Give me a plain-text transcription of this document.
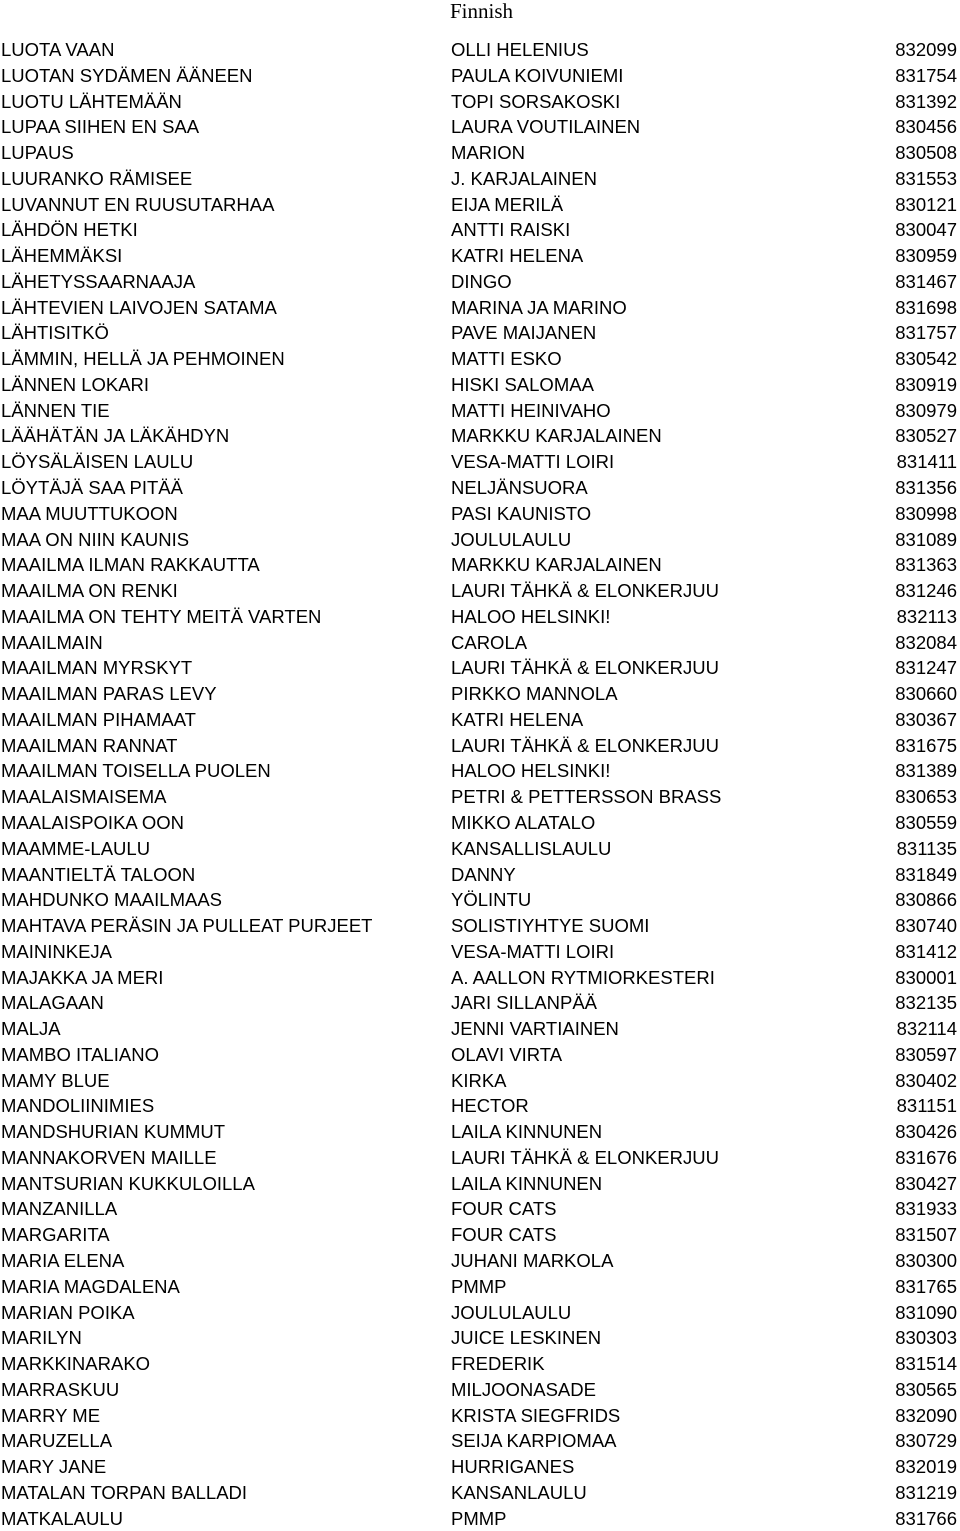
Finnish
LUOTA VAAN	OLLI HELENIUS	832099
LUOTAN SYDÄMEN ÄÄNEEN	PAULA KOIVUNIEMI	831754
LUOTU LÄHTEMÄÄN	TOPI SORSAKOSKI	831392
LUPAA SIIHEN EN SAA	LAURA VOUTILAINEN	830456
LUPAUS	MARION	830508
LUURANKO RÄMISEE	J. KARJALAINEN	831553
LUVANNUT EN RUUSUTARHAA	EIJA MERILÄ	830121
LÄHDÖN HETKI	ANTTI RAISKI	830047
LÄHEMMÄKSI	KATRI HELENA	830959
LÄHETYSSAARNAAJA	DINGO	831467
LÄHTEVIEN LAIVOJEN SATAMA	MARINA JA MARINO	831698
LÄHTISITKÖ	PAVE MAIJANEN	831757
LÄMMIN, HELLÄ JA PEHMOINEN	MATTI ESKO	830542
LÄNNEN LOKARI	HISKI SALOMAA	830919
LÄNNEN TIE	MATTI HEINIVAHO	830979
LÄÄHÄTÄN JA LÄKÄHDYN	MARKKU KARJALAINEN	830527
LÖYSÄLÄISEN LAULU	VESA-MATTI LOIRI	831411
LÖYTÄJÄ SAA PITÄÄ	NELJÄNSUORA	831356
MAA MUUTTUKOON	PASI KAUNISTO	830998
MAA ON NIIN KAUNIS	JOULULAULU	831089
MAAILMA ILMAN RAKKAUTTA	MARKKU KARJALAINEN	831363
MAAILMA ON RENKI	LAURI TÄHKÄ & ELONKERJUU	831246
MAAILMA ON TEHTY MEITÄ VARTEN	HALOO HELSINKI!	832113
MAAILMAIN	CAROLA	832084
MAAILMAN MYRSKYT	LAURI TÄHKÄ & ELONKERJUU	831247
MAAILMAN PARAS LEVY	PIRKKO MANNOLA	830660
MAAILMAN PIHAMAAT	KATRI HELENA	830367
MAAILMAN RANNAT	LAURI TÄHKÄ & ELONKERJUU	831675
MAAILMAN TOISELLA PUOLEN	HALOO HELSINKI!	831389
MAALAISMAISEMA	PETRI & PETTERSSON BRASS	830653
MAALAISPOIKA OON	MIKKO ALATALO	830559
MAAMME-LAULU	KANSALLISLAULU	831135
MAANTIELTÄ TALOON	DANNY	831849
MAHDUNKO MAAILMAAS	YÖLINTU	830866
MAHTAVA PERÄSIN JA PULLEAT PURJEET	SOLISTIYHTYE SUOMI	830740
MAININKEJA	VESA-MATTI LOIRI	831412
MAJAKKA JA MERI	A. AALLON RYTMIORKESTERI	830001
MALAGAAN	JARI SILLANPÄÄ	832135
MALJA	JENNI VARTIAINEN	832114
MAMBO ITALIANO	OLAVI VIRTA	830597
MAMY BLUE	KIRKA	830402
MANDOLIINIMIES	HECTOR	831151
MANDSHURIAN KUMMUT	LAILA KINNUNEN	830426
MANNAKORVEN MAILLE	LAURI TÄHKÄ & ELONKERJUU	831676
MANTSURIAN KUKKULOILLA	LAILA KINNUNEN	830427
MANZANILLA	FOUR CATS	831933
MARGARITA	FOUR CATS	831507
MARIA ELENA	JUHANI MARKOLA	830300
MARIA MAGDALENA	PMMP	831765
MARIAN POIKA	JOULULAULU	831090
MARILYN	JUICE LESKINEN	830303
MARKKINARAKO	FREDERIK	831514
MARRASKUU	MILJOONASADE	830565
MARRY ME	KRISTA SIEGFRIDS	832090
MARUZELLA	SEIJA KARPIOMAA	830729
MARY JANE	HURRIGANES	832019
MATALAN TORPAN BALLADI	KANSANLAULU	831219
MATKALAULU	PMMP	831766
